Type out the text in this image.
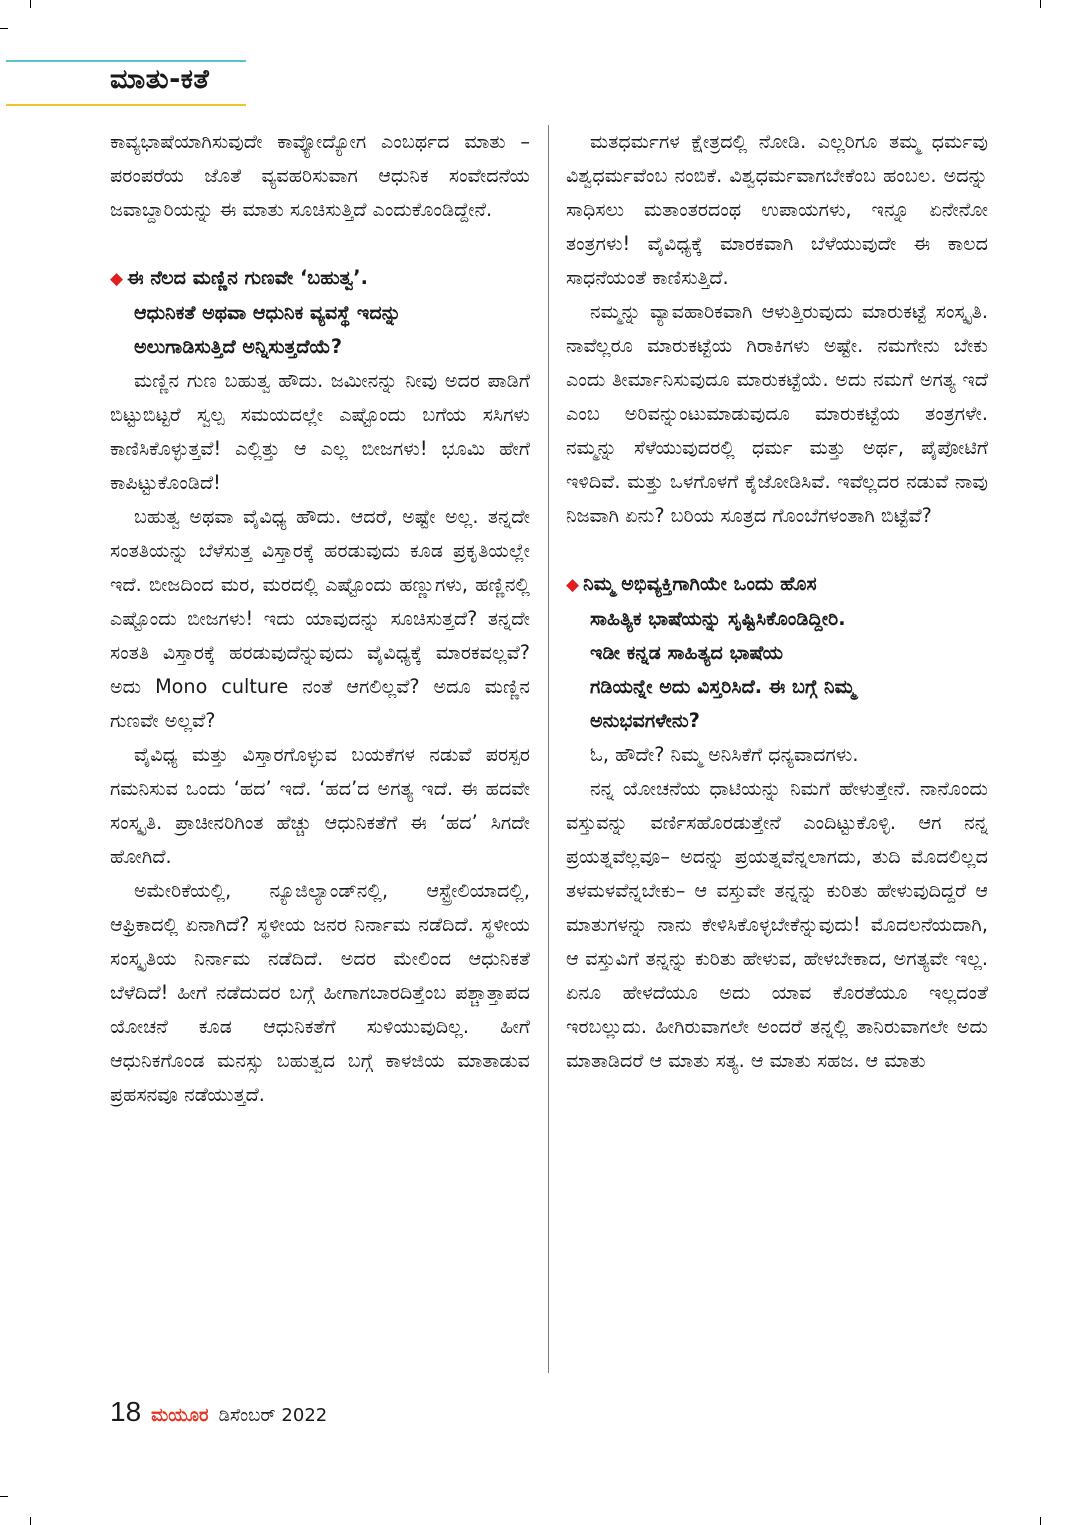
ಮಾತು-ಕತೆ

ಕಾವ್ಯಭಾಷೆಯಾಗಿಸುವುದೇ ಕಾವ್ಯೋದ್ಯೋಗ ಎಂಬರ್ಥದ ಮಾತು – ಪರಂಪರೆಯ ಜೊತೆ ವ್ಯವಹರಿಸುವಾಗ ಆಧುನಿಕ ಸಂವೇದನೆಯ ಜವಾಬ್ದಾರಿಯನ್ನು ಈ ಮಾತು ಸೂಚಿಸುತ್ತಿದೆ ಎಂದುಕೊಂಡಿದ್ದೇನೆ.

◆ ಈ ನೆಲದ ಮಣ್ಣಿನ ಗುಣವೇ ‘ಬಹುತ್ವ’.

ಆಧುನಿಕತೆ ಅಥವಾ ಆಧುನಿಕ ವ್ಯವಸ್ಥೆ ಇದನ್ನು

ಅಲುಗಾಡಿಸುತ್ತಿದೆ ಅನ್ನಿಸುತ್ತದೆಯೆ?

ಮಣ್ಣಿನ ಗುಣ ಬಹುತ್ವ ಹೌದು. ಜಮೀನನ್ನು ನೀವು ಅದರ ಪಾಡಿಗೆ ಬಿಟ್ಟುಬಿಟ್ಟರೆ ಸ್ವಲ್ಪ ಸಮಯದಲ್ಲೇ ಎಷ್ಟೊಂದು ಬಗೆಯ ಸಸಿಗಳು ಕಾಣಿಸಿಕೊಳ್ಳುತ್ತವೆ! ಎಲ್ಲಿತ್ತು ಆ ಎಲ್ಲ ಬೀಜಗಳು! ಭೂಮಿ ಹೇಗೆ ಕಾಪಿಟ್ಟುಕೊಂಡಿದೆ!

ಬಹುತ್ವ ಅಥವಾ ವೈವಿಧ್ಯ ಹೌದು. ಆದರೆ, ಅಷ್ಟೇ ಅಲ್ಲ. ತನ್ನದೇ ಸಂತತಿಯನ್ನು ಬೆಳೆಸುತ್ತ ವಿಸ್ತಾರಕ್ಕೆ ಹರಡುವುದು ಕೂಡ ಪ್ರಕೃತಿಯಲ್ಲೇ ಇದೆ. ಬೀಜದಿಂದ ಮರ, ಮರದಲ್ಲಿ ಎಷ್ಟೊಂದು ಹಣ್ಣುಗಳು, ಹಣ್ಣಿನಲ್ಲಿ ಎಷ್ಟೊಂದು ಬೀಜಗಳು! ಇದು ಯಾವುದನ್ನು ಸೂಚಿಸುತ್ತದೆ? ತನ್ನದೇ ಸಂತತಿ ವಿಸ್ತಾರಕ್ಕೆ ಹರಡುವುದೆನ್ನುವುದು ವೈವಿಧ್ಯಕ್ಕೆ ಮಾರಕವಲ್ಲವೆ? ಅದು Mono culture ನಂತೆ ಆಗಲಿಲ್ಲವೆ? ಅದೂ ಮಣ್ಣಿನ ಗುಣವೇ ಅಲ್ಲವೆ?

ವೈವಿಧ್ಯ ಮತ್ತು ವಿಸ್ತಾರಗೊಳ್ಳುವ ಬಯಕೆಗಳ ನಡುವೆ ಪರಸ್ಪರ ಗಮನಿಸುವ ಒಂದು ‘ಹದ’ ಇದೆ. ‘ಹದ’ದ ಅಗತ್ಯ ಇದೆ. ಈ ಹದವೇ ಸಂಸ್ಕೃತಿ. ಪ್ರಾಚೀನರಿಗಿಂತ ಹೆಚ್ಚು ಆಧುನಿಕತೆಗೆ ಈ ‘ಹದ’ ಸಿಗದೇ ಹೋಗಿದೆ.

ಅಮೇರಿಕೆಯಲ್ಲಿ, ನ್ಯೂಜಿಲ್ಯಾಂಡ್‌ನಲ್ಲಿ, ಆಸ್ಟ್ರೇಲಿಯಾದಲ್ಲಿ, ಆಫ್ರಿಕಾದಲ್ಲಿ ಏನಾಗಿದೆ? ಸ್ಥಳೀಯ ಜನರ ನಿರ್ನಾಮ ನಡೆದಿದೆ. ಸ್ಥಳೀಯ ಸಂಸ್ಕೃತಿಯ ನಿರ್ನಾಮ ನಡೆದಿದೆ. ಅದರ ಮೇಲಿಂದ ಆಧುನಿಕತೆ ಬೆಳೆದಿದೆ! ಹೀಗೆ ನಡೆದುದರ ಬಗ್ಗೆ ಹೀಗಾಗಬಾರದಿತ್ತೆಂಬ ಪಶ್ಚಾತ್ತಾಪದ ಯೋಚನೆ ಕೂಡ ಆಧುನಿಕತೆಗೆ ಸುಳಿಯುವುದಿಲ್ಲ. ಹೀಗೆ ಆಧುನಿಕಗೊಂಡ ಮನಸ್ಸು ಬಹುತ್ವದ ಬಗ್ಗೆ ಕಾಳಜಿಯ ಮಾತಾಡುವ ಪ್ರಹಸನವೂ ನಡೆಯುತ್ತದೆ.

ಮತಧರ್ಮಗಳ ಕ್ಷೇತ್ರದಲ್ಲಿ ನೋಡಿ. ಎಲ್ಲರಿಗೂ ತಮ್ಮ ಧರ್ಮವು ವಿಶ್ವಧರ್ಮವೆಂಬ ನಂಬಿಕೆ. ವಿಶ್ವಧರ್ಮವಾಗಬೇಕೆಂಬ ಹಂಬಲ. ಅದನ್ನು ಸಾಧಿಸಲು ಮತಾಂತರದಂಥ ಉಪಾಯಗಳು, ಇನ್ನೂ ಏನೇನೋ ತಂತ್ರಗಳು! ವೈವಿಧ್ಯಕ್ಕೆ ಮಾರಕವಾಗಿ ಬೆಳೆಯುವುದೇ ಈ ಕಾಲದ ಸಾಧನೆಯಂತೆ ಕಾಣಿಸುತ್ತಿದೆ.

ನಮ್ಮನ್ನು ವ್ಯಾವಹಾರಿಕವಾಗಿ ಆಳುತ್ತಿರುವುದು ಮಾರುಕಟ್ಟೆ ಸಂಸ್ಕೃತಿ. ನಾವೆಲ್ಲರೂ ಮಾರುಕಟ್ಟೆಯ ಗಿರಾಕಿಗಳು ಅಷ್ಟೇ. ನಮಗೇನು ಬೇಕು ಎಂದು ತೀರ್ಮಾನಿಸುವುದೂ ಮಾರುಕಟ್ಟೆಯೆ. ಅದು ನಮಗೆ ಅಗತ್ಯ ಇದೆ ಎಂಬ ಅರಿವನ್ನುಂಟುಮಾಡುವುದೂ ಮಾರುಕಟ್ಟೆಯ ತಂತ್ರಗಳೇ. ನಮ್ಮನ್ನು ಸೆಳೆಯುವುದರಲ್ಲಿ ಧರ್ಮ ಮತ್ತು ಅರ್ಥ, ಪೈಪೋಟಿಗೆ ಇಳಿದಿವೆ. ಮತ್ತು ಒಳಗೊಳಗೆ ಕೈಜೋಡಿಸಿವೆ. ಇವೆಲ್ಲದರ ನಡುವೆ ನಾವು ನಿಜವಾಗಿ ಏನು? ಬರಿಯ ಸೂತ್ರದ ಗೊಂಬೆಗಳಂತಾಗಿ ಬಿಟ್ಟೆವೆ?

◆ ನಿಮ್ಮ ಅಭಿವ್ಯಕ್ತಿಗಾಗಿಯೇ ಒಂದು ಹೊಸ

ಸಾಹಿತ್ಯಿಕ ಭಾಷೆಯನ್ನು ಸೃಷ್ಟಿಸಿಕೊಂಡಿದ್ದೀರಿ.

ಇಡೀ ಕನ್ನಡ ಸಾಹಿತ್ಯದ ಭಾಷೆಯ

ಗಡಿಯನ್ನೇ ಅದು ವಿಸ್ತರಿಸಿದೆ. ಈ ಬಗ್ಗೆ ನಿಮ್ಮ

ಅನುಭವಗಳೇನು?

ಓ, ಹೌದೇ? ನಿಮ್ಮ ಅನಿಸಿಕೆಗೆ ಧನ್ಯವಾದಗಳು.

ನನ್ನ ಯೋಚನೆಯ ಧಾಟಿಯನ್ನು ನಿಮಗೆ ಹೇಳುತ್ತೇನೆ. ನಾನೊಂದು ವಸ್ತುವನ್ನು ವರ್ಣಿಸಹೊರಡುತ್ತೇನೆ ಎಂದಿಟ್ಟುಕೊಳ್ಳಿ. ಆಗ ನನ್ನ ಪ್ರಯತ್ನವೆಲ್ಲವೂ– ಅದನ್ನು ಪ್ರಯತ್ನವೆನ್ನಲಾಗದು, ತುದಿ ಮೊದಲಿಲ್ಲದ ತಳಮಳವೆನ್ನಬೇಕು– ಆ ವಸ್ತುವೇ ತನ್ನನ್ನು ಕುರಿತು ಹೇಳುವುದಿದ್ದರೆ ಆ ಮಾತುಗಳನ್ನು ನಾನು ಕೇಳಿಸಿಕೊಳ್ಳಬೇಕೆನ್ನುವುದು! ಮೊದಲನೆಯದಾಗಿ, ಆ ವಸ್ತುವಿಗೆ ತನ್ನನ್ನು ಕುರಿತು ಹೇಳುವ, ಹೇಳಬೇಕಾದ, ಅಗತ್ಯವೇ ಇಲ್ಲ. ಏನೂ ಹೇಳದೆಯೂ ಅದು ಯಾವ ಕೊರತೆಯೂ ಇಲ್ಲದಂತೆ ಇರಬಲ್ಲುದು. ಹೀಗಿರುವಾಗಲೇ ಅಂದರೆ ತನ್ನಲ್ಲಿ ತಾನಿರುವಾಗಲೇ ಅದು ಮಾತಾಡಿದರೆ ಆ ಮಾತು ಸತ್ಯ. ಆ ಮಾತು ಸಹಜ. ಆ ಮಾತು

18 ಮಯೂರ ಡಿಸೆಂಬರ್ 2022
